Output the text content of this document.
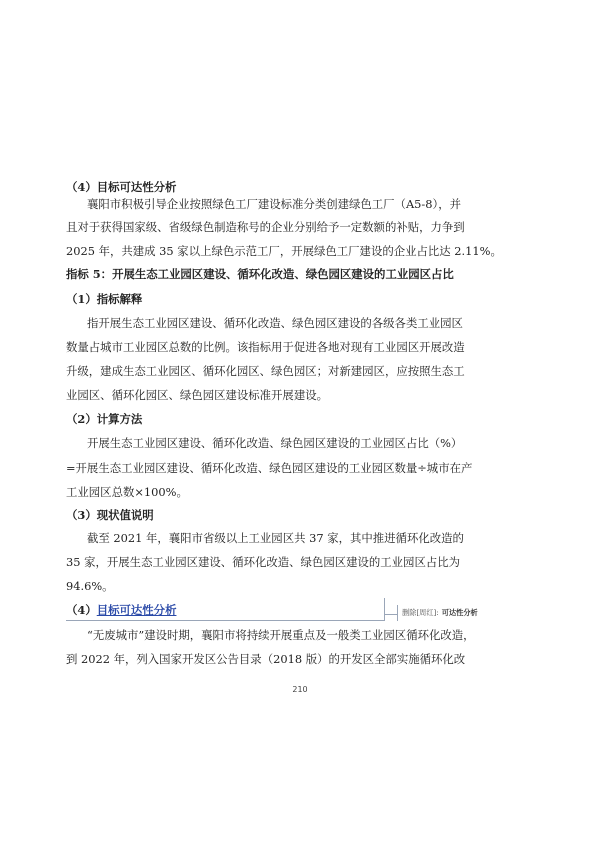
（4）目标可达性分析
襄阳市积极引导企业按照绿色工厂建设标准分类创建绿色工厂（A5-8），并
且对于获得国家级、省级绿色制造称号的企业分别给予一定数额的补贴，力争到
2025 年，共建成 35 家以上绿色示范工厂，开展绿色工厂建设的企业占比达 2.11%。
指标 5：开展生态工业园区建设、循环化改造、绿色园区建设的工业园区占比
（1）指标解释
指开展生态工业园区建设、循环化改造、绿色园区建设的各级各类工业园区
数量占城市工业园区总数的比例。该指标用于促进各地对现有工业园区开展改造
升级，建成生态工业园区、循环化园区、绿色园区；对新建园区，应按照生态工
业园区、循环化园区、绿色园区建设标准开展建设。
（2）计算方法
开展生态工业园区建设、循环化改造、绿色园区建设的工业园区占比（%）
=开展生态工业园区建设、循环化改造、绿色园区建设的工业园区数量÷城市在产
工业园区总数×100%。
（3）现状值说明
截至 2021 年，襄阳市省级以上工业园区共 37 家，其中推进循环化改造的
35 家，开展生态工业园区建设、循环化改造、绿色园区建设的工业园区占比为
94.6%。
（4）目标可达性分析	删除[周红]: 可达性分析
“无废城市”建设时期，襄阳市将持续开展重点及一般类工业园区循环化改造，
到 2022 年，列入国家开发区公告目录（2018 版）的开发区全部实施循环化改
210
